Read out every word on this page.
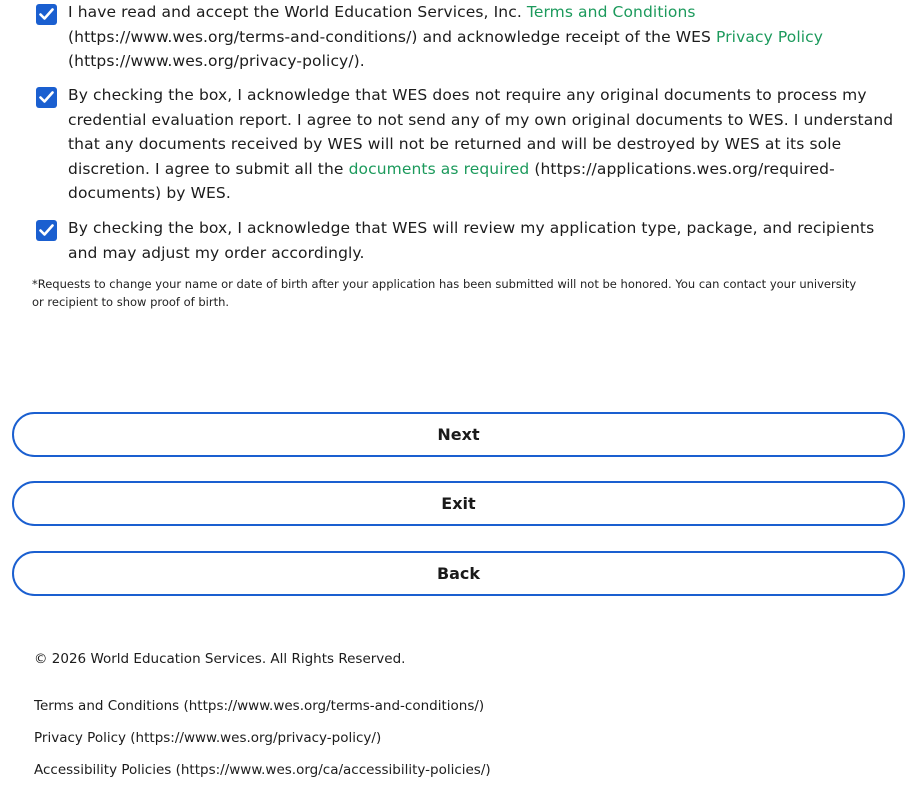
I have read and accept the World Education Services, Inc. Terms and Conditions (https://www.wes.org/terms-and-conditions/) and acknowledge receipt of the WES Privacy Policy (https://www.wes.org/privacy-policy/).
By checking the box, I acknowledge that WES does not require any original documents to process my credential evaluation report. I agree to not send any of my own original documents to WES. I understand that any documents received by WES will not be returned and will be destroyed by WES at its sole discretion. I agree to submit all the documents as required (https://applications.wes.org/required-documents) by WES.
By checking the box, I acknowledge that WES will review my application type, package, and recipients and may adjust my order accordingly.
*Requests to change your name or date of birth after your application has been submitted will not be honored. You can contact your university or recipient to show proof of birth.
Next
Exit
Back
© 2026 World Education Services. All Rights Reserved.
Terms and Conditions (https://www.wes.org/terms-and-conditions/)
Privacy Policy (https://www.wes.org/privacy-policy/)
Accessibility Policies (https://www.wes.org/ca/accessibility-policies/)
